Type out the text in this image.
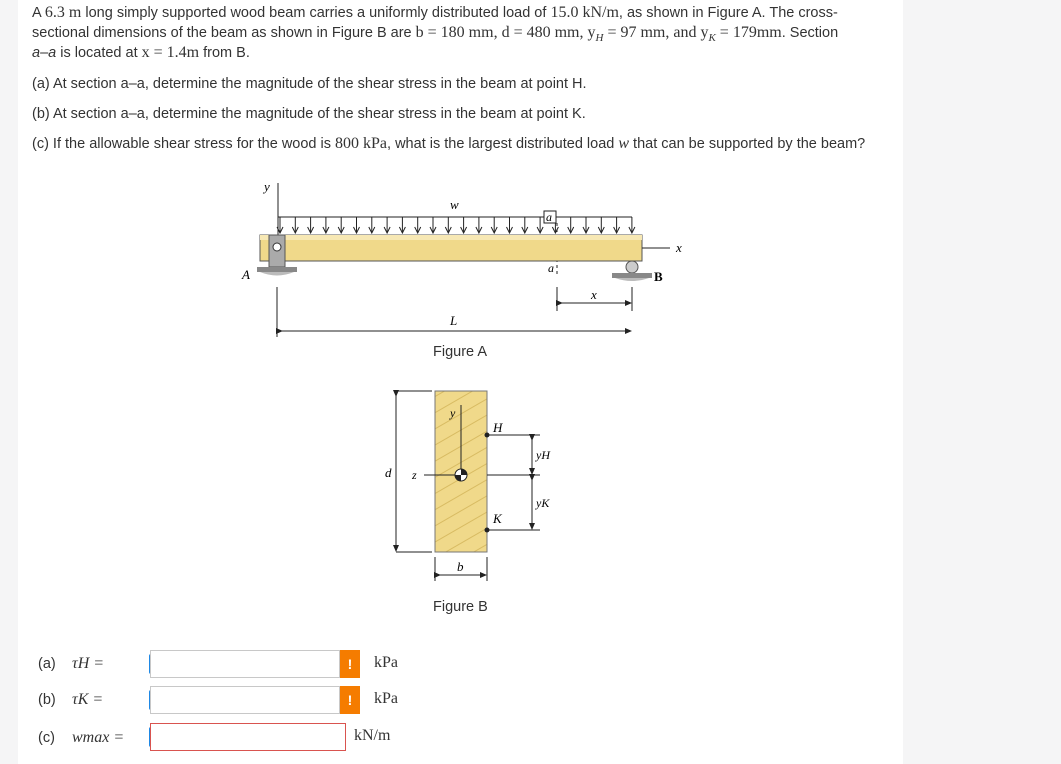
A 6.3 m long simply supported wood beam carries a uniformly distributed load of 15.0 kN/m, as shown in Figure A. The cross-

sectional dimensions of the beam as shown in Figure B are b = 180 mm, d = 480 mm, $y_H = 97$ mm, and $y_K = 179mm$. Section

a–a is located at x = 1.4m from B.

(a) At section a–a, determine the magnitude of the shear stress in the beam at point H.

(b) At section a–a, determine the magnitude of the shear stress in the beam at point K.

(c) If the allowable shear stress for the wood is 800 kPa, what is the largest distributed load w that can be supported by the beam?

y
w
a
a
x
A	B
x
L
Figure A
d
y
z
H
K
yH
yK
b
Figure B
(a)	τH =	!	kPa
(b)	τK =	!	kPa
(c)	wmax =	kN/m
